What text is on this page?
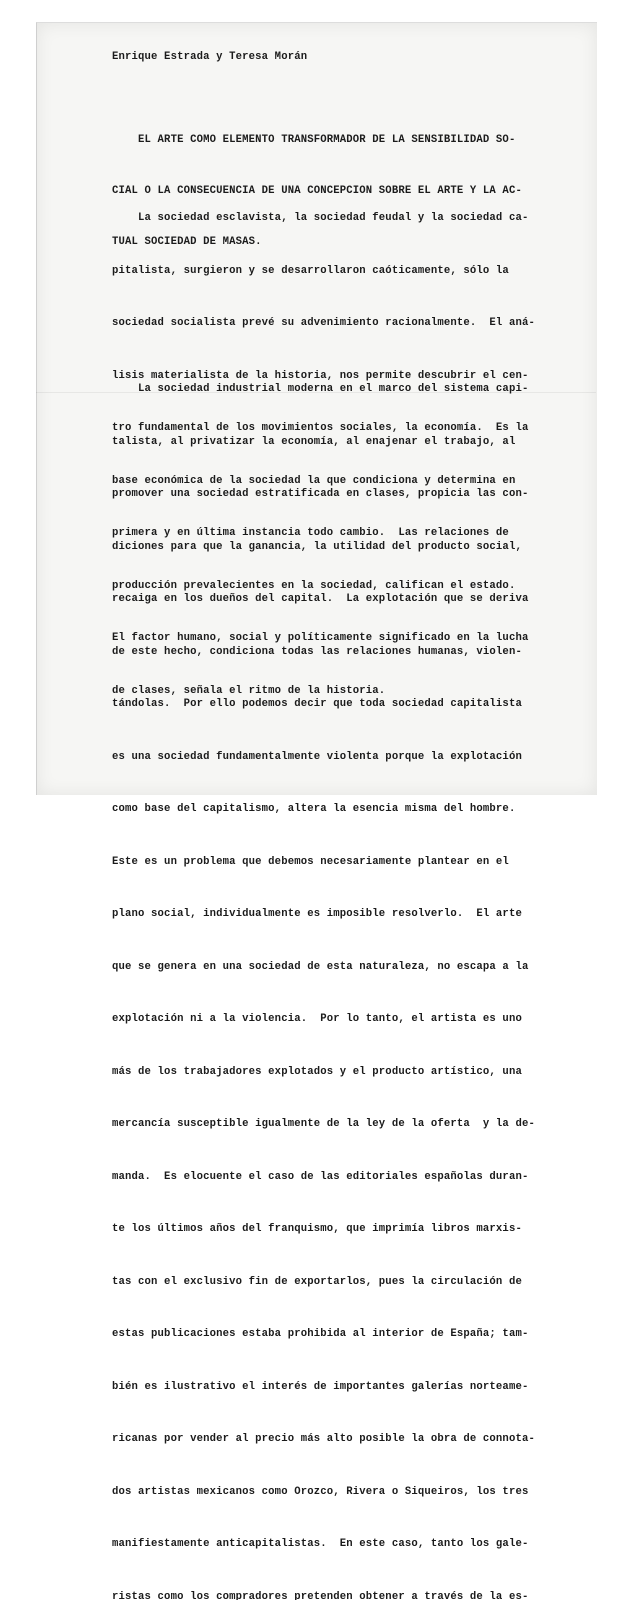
Enrique Estrada y Teresa Morán

EL ARTE COMO ELEMENTO TRANSFORMADOR DE LA SENSIBILIDAD SO-

CIAL O LA CONSECUENCIA DE UNA CONCEPCION SOBRE EL ARTE Y LA AC-

TUAL SOCIEDAD DE MASAS.

La sociedad esclavista, la sociedad feudal y la sociedad ca-

pitalista, surgieron y se desarrollaron caóticamente, sólo la

sociedad socialista prevé su advenimiento racionalmente.  El aná-

lisis materialista de la historia, nos permite descubrir el cen-

tro fundamental de los movimientos sociales, la economía.  Es la

base económica de la sociedad la que condiciona y determina en

primera y en última instancia todo cambio.  Las relaciones de

producción prevalecientes en la sociedad, califican el estado.

El factor humano, social y políticamente significado en la lucha

de clases, señala el ritmo de la historia.

La sociedad industrial moderna en el marco del sistema capi-

talista, al privatizar la economía, al enajenar el trabajo, al

promover una sociedad estratificada en clases, propicia las con-

diciones para que la ganancia, la utilidad del producto social,

recaiga en los dueños del capital.  La explotación que se deriva

de este hecho, condiciona todas las relaciones humanas, violen-

tándolas.  Por ello podemos decir que toda sociedad capitalista

es una sociedad fundamentalmente violenta porque la explotación

como base del capitalismo, altera la esencia misma del hombre.

Este es un problema que debemos necesariamente plantear en el

plano social, individualmente es imposible resolverlo.  El arte

que se genera en una sociedad de esta naturaleza, no escapa a la

explotación ni a la violencia.  Por lo tanto, el artista es uno

más de los trabajadores explotados y el producto artístico, una

mercancía susceptible igualmente de la ley de la oferta  y la de-

manda.  Es elocuente el caso de las editoriales españolas duran-

te los últimos años del franquismo, que imprimía libros marxis-

tas con el exclusivo fin de exportarlos, pues la circulación de

estas publicaciones estaba prohibida al interior de España; tam-

bién es ilustrativo el interés de importantes galerías norteame-

ricanas por vender al precio más alto posible la obra de connota-

dos artistas mexicanos como Orozco, Rivera o Siqueiros, los tres

manifiestamente anticapitalistas.  En este caso, tanto los gale-

ristas como los compradores pretenden obtener a través de la es-
